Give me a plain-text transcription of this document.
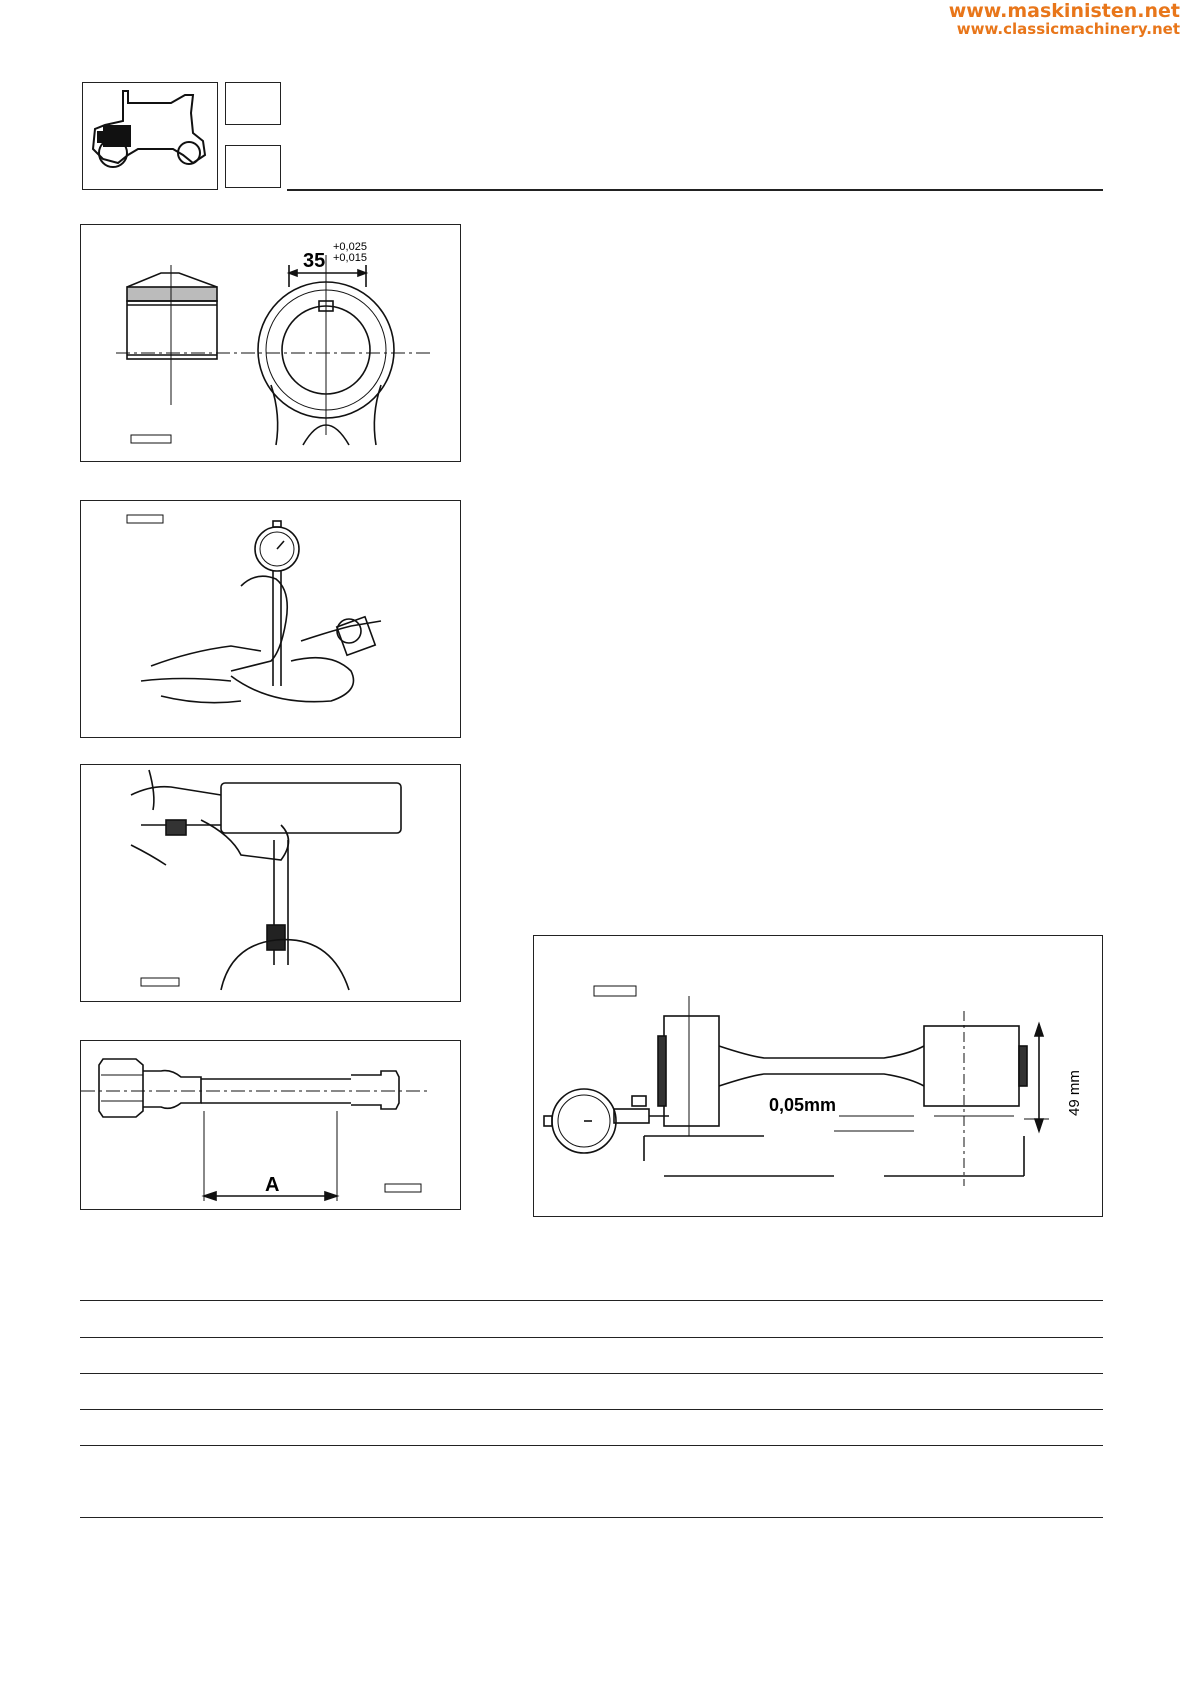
www.maskinisten.net
www.classicmachinery.net
35
+0,025
+0,015
A
0,05mm	49 mm
